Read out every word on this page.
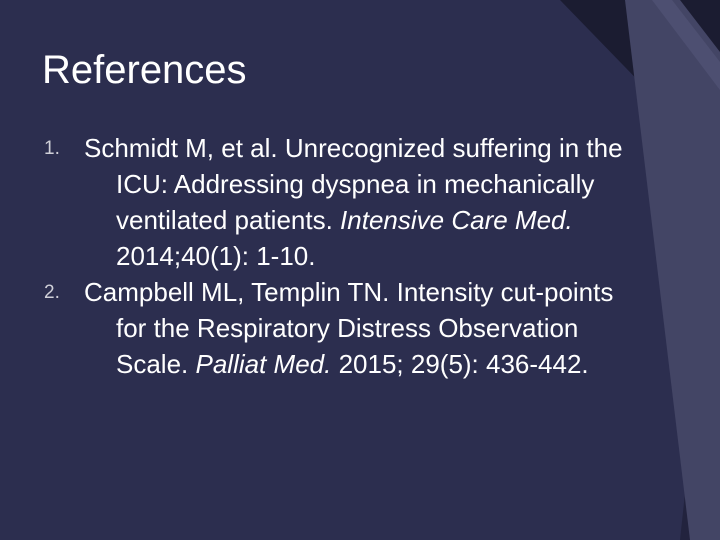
References
1. Schmidt M, et al. Unrecognized suffering in the ICU: Addressing dyspnea in mechanically ventilated patients. Intensive Care Med. 2014;40(1): 1-10.
2. Campbell ML, Templin TN. Intensity cut-points for the Respiratory Distress Observation Scale. Palliat Med. 2015; 29(5): 436-442.
